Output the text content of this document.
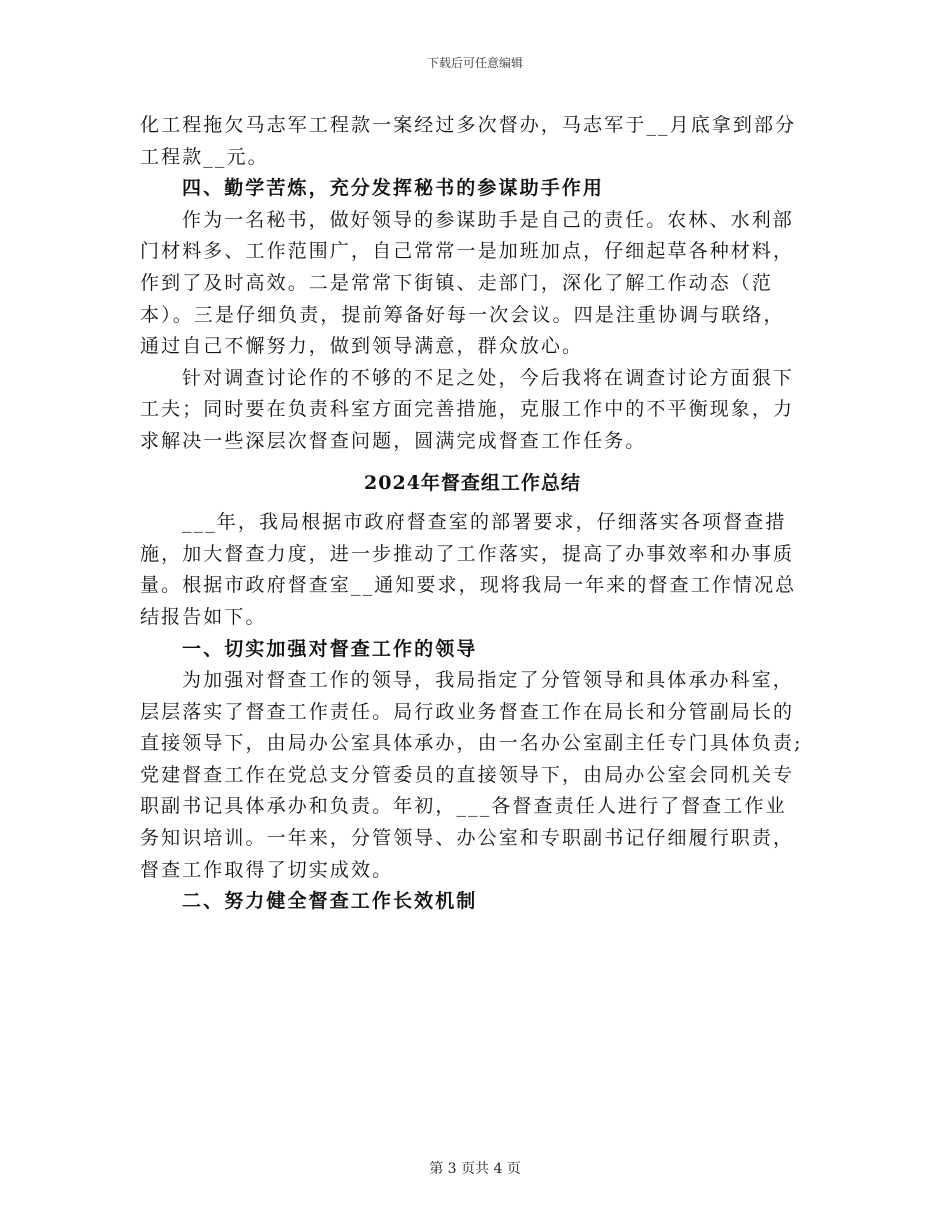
下载后可任意编辑

化工程拖欠马志军工程款一案经过多次督办，马志军于__月底拿到部分工程款__元。

四、勤学苦炼，充分发挥秘书的参谋助手作用

作为一名秘书，做好领导的参谋助手是自己的责任。农林、水利部门材料多、工作范围广，自己常常一是加班加点，仔细起草各种材料，作到了及时高效。二是常常下街镇、走部门，深化了解工作动态（范本）。三是仔细负责，提前筹备好每一次会议。四是注重协调与联络，通过自己不懈努力，做到领导满意，群众放心。

针对调查讨论作的不够的不足之处，今后我将在调查讨论方面狠下工夫；同时要在负责科室方面完善措施，克服工作中的不平衡现象，力求解决一些深层次督查问题，圆满完成督查工作任务。

2024年督查组工作总结

___年，我局根据市政府督查室的部署要求，仔细落实各项督查措施，加大督查力度，进一步推动了工作落实，提高了办事效率和办事质量。根据市政府督查室__通知要求，现将我局一年来的督查工作情况总结报告如下。

一、切实加强对督查工作的领导

为加强对督查工作的领导，我局指定了分管领导和具体承办科室，层层落实了督查工作责任。局行政业务督查工作在局长和分管副局长的直接领导下，由局办公室具体承办，由一名办公室副主任专门具体负责;党建督查工作在党总支分管委员的直接领导下，由局办公室会同机关专职副书记具体承办和负责。年初，___各督查责任人进行了督查工作业务知识培训。一年来，分管领导、办公室和专职副书记仔细履行职责，督查工作取得了切实成效。

二、努力健全督查工作长效机制

第 3 页共 4 页
